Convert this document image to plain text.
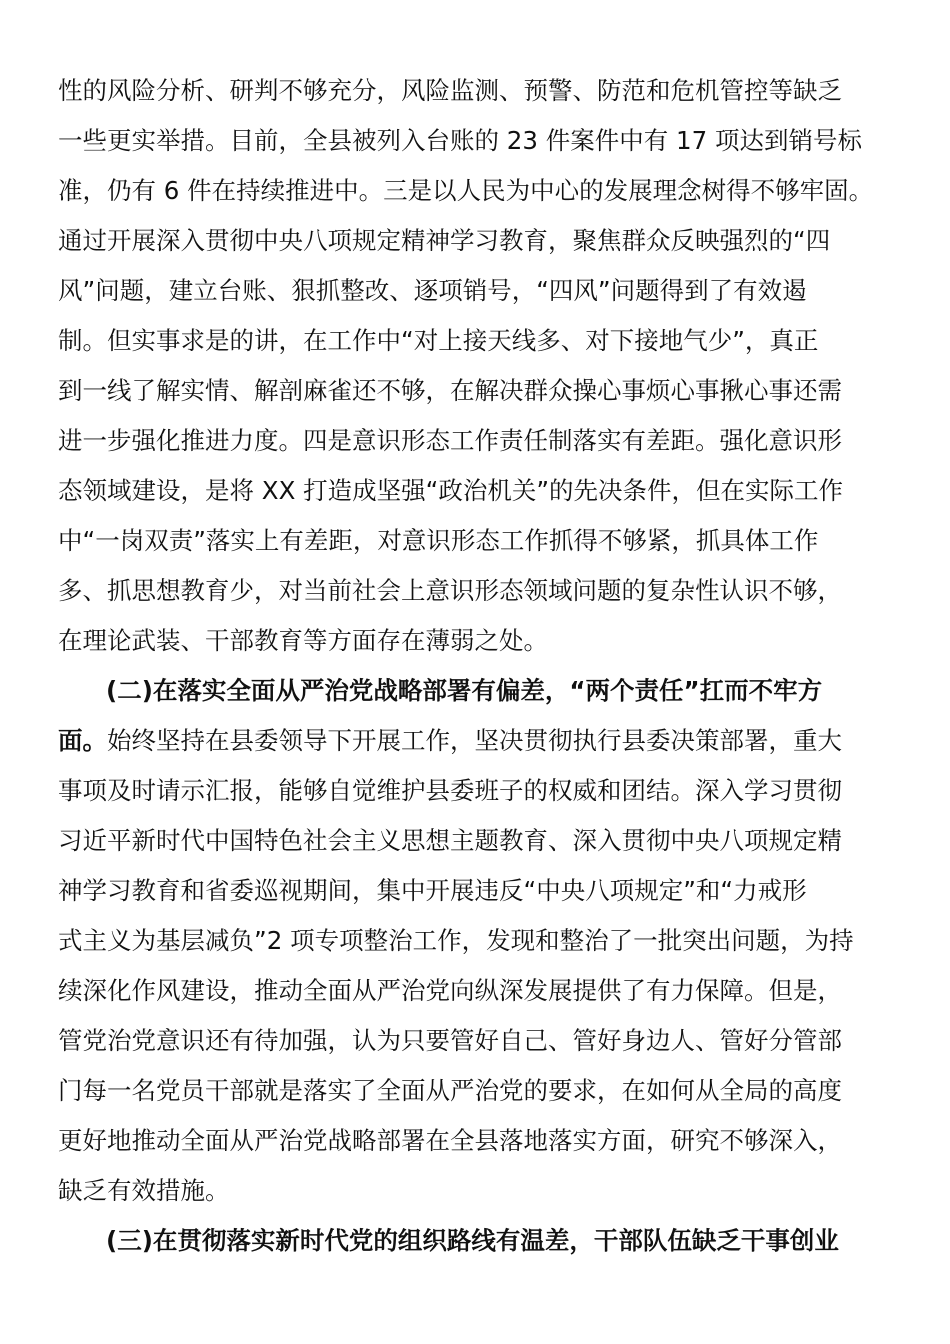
性的风险分析、研判不够充分，风险监测、预警、防范和危机管控等缺乏
一些更实举措。目前，全县被列入台账的 23 件案件中有 17 项达到销号标
准，仍有 6 件在持续推进中。三是以人民为中心的发展理念树得不够牢固。
通过开展深入贯彻中央八项规定精神学习教育，聚焦群众反映强烈的“四
风”问题，建立台账、狠抓整改、逐项销号，“四风”问题得到了有效遏
制。但实事求是的讲，在工作中“对上接天线多、对下接地气少”，真正
到一线了解实情、解剖麻雀还不够，在解决群众操心事烦心事揪心事还需
进一步强化推进力度。四是意识形态工作责任制落实有差距。强化意识形
态领域建设，是将 XX 打造成坚强“政治机关”的先决条件，但在实际工作
中“一岗双责”落实上有差距，对意识形态工作抓得不够紧，抓具体工作
多、抓思想教育少，对当前社会上意识形态领域问题的复杂性认识不够，
在理论武装、干部教育等方面存在薄弱之处。
(二)在落实全面从严治党战略部署有偏差，“两个责任”扛而不牢方
面。始终坚持在县委领导下开展工作，坚决贯彻执行县委决策部署，重大
事项及时请示汇报，能够自觉维护县委班子的权威和团结。深入学习贯彻
习近平新时代中国特色社会主义思想主题教育、深入贯彻中央八项规定精
神学习教育和省委巡视期间，集中开展违反“中央八项规定”和“力戒形
式主义为基层减负”2 项专项整治工作，发现和整治了一批突出问题，为持
续深化作风建设，推动全面从严治党向纵深发展提供了有力保障。但是，
管党治党意识还有待加强，认为只要管好自己、管好身边人、管好分管部
门每一名党员干部就是落实了全面从严治党的要求，在如何从全局的高度
更好地推动全面从严治党战略部署在全县落地落实方面，研究不够深入，
缺乏有效措施。
(三)在贯彻落实新时代党的组织路线有温差，干部队伍缺乏干事创业
